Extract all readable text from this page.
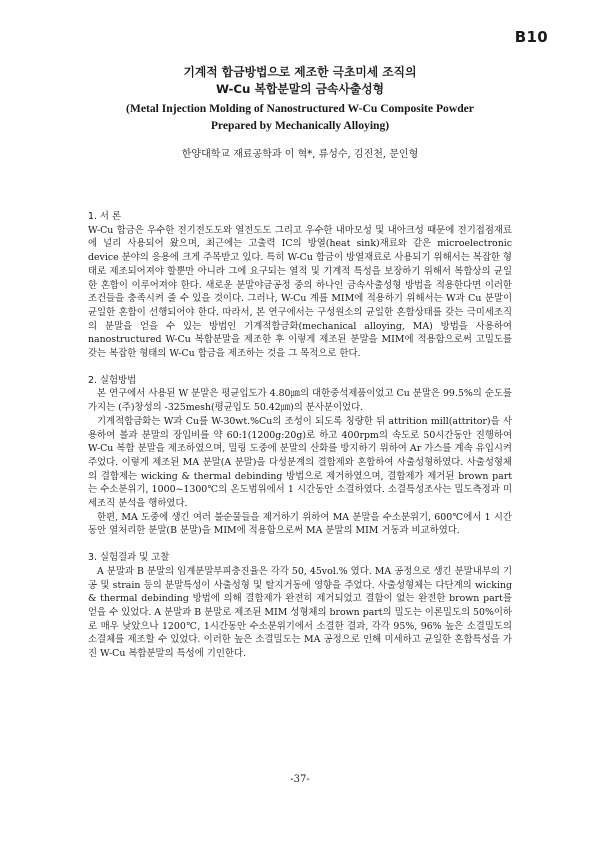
B10

기계적 합금방법으로 제조한 극초미세 조직의

W-Cu 복합분말의 금속사출성형

(Metal Injection Molding of Nanostructured W-Cu Composite Powder

Prepared by Mechanically Alloying)

한양대학교 재료공학과 이 혁*, 류성수, 김진천, 문인형

1. 서 론

W-Cu 합금은 우수한 전기전도도와 열전도도 그리고 우수한 내마모성 및 내아크성 때문에 전기접점재료에 널리 사용되어 왔으며, 최근에는 고출력 IC의 방열(heat sink)재료와 같은 microelectronic device 분야의 응용에 크게 주목받고 있다. 특히 W-Cu 합금이 방열재료로 사용되기 위해서는 복잡한 형태로 제조되어져야 할뿐만 아니라 그에 요구되는 열적 및 기계적 특성을 보장하기 위해서 복합상의 균일한 혼합이 이루어져야 한다. 새로운 분말야금공정 중의 하나인 금속사출성형 방법을 적용한다면 이러한 조건들을 충족시켜 줄 수 있을 것이다. 그러나, W-Cu 계를 MIM에 적용하기 위해서는 W과 Cu 분말이 균일한 혼합이 선행되어야 한다. 따라서, 본 연구에서는 구성원소의 균일한 혼합상태를 갖는 극미세조직의 분말을 얻을 수 있는 방법인 기계적합금화(mechanical alloying, MA) 방법을 사용하여 nanostructured W-Cu 복합분말을 제조한 후 이렇게 제조된 분말을 MIM에 적용함으로써 고밀도를 갖는 복잡한 형태의 W-Cu 합금을 제조하는 것을 그 목적으로 한다.

2. 실험방법

본 연구에서 사용된 W 분말은 평균입도가 4.80㎛의 대한중석제품이었고 Cu 분말은 99.5%의 순도를 가지는 (주)창성의 -325mesh(평균입도 50.42㎛)의 분사분이었다.

기계적합금화는 W과 Cu를 W-30wt.%Cu의 조성이 되도록 칭량한 뒤 attrition mill(attritor)을 사용하여 볼과 분말의 장입비를 약 60:1(1200g:20g)로 하고 400rpm의 속도로 50시간동안 진행하여 W-Cu 복합 분말을 제조하였으며, 밀링 도중에 분말의 산화를 방지하기 위하여 Ar 가스를 계속 유입시켜 주었다. 이렇게 제조된 MA 분말(A 분말)을 다성분계의 결합제와 혼합하여 사출성형하였다. 사출성형체의 결합제는 wicking & thermal debinding 방법으로 제거하였으며, 결합제가 제거된 brown part는 수소분위기, 1000~1300℃의 온도범위에서 1 시간동안 소결하였다. 소결특성조사는 밀도측정과 미세조직 분석을 행하였다.

한편, MA 도중에 생긴 여러 불순물들을 제거하기 위하여 MA 분말을 수소분위기, 600℃에서 1 시간동안 열처리한 분말(B 분말)을 MIM에 적용함으로써 MA 분말의 MIM 거동과 비교하였다.

3. 실험결과 및 고찰

A 분말과 B 분말의 임계분말부피충진율은 각각 50, 45vol.% 였다. MA 공정으로 생긴 분말내부의 기공 및 strain 등의 분말특성이 사출성형 및 탈지거동에 영향을 주었다. 사출성형체는 다단계의 wicking & thermal debinding 방법에 의해 결합제가 완전히 제거되었고 결함이 없는 완전한 brown part를 얻을 수 있었다. A 분말과 B 분말로 제조된 MIM 성형체의 brown part의 밀도는 이론밀도의 50%이하로 매우 낮았으나 1200℃, 1시간동안 수소분위기에서 소결한 결과, 각각 95%, 96% 높은 소결밀도의 소결체를 제조할 수 있었다. 이러한 높은 소결밀도는 MA 공정으로 인해 미세하고 균일한 혼합특성을 가진 W-Cu 복합분말의 특성에 기인한다.

-37-
